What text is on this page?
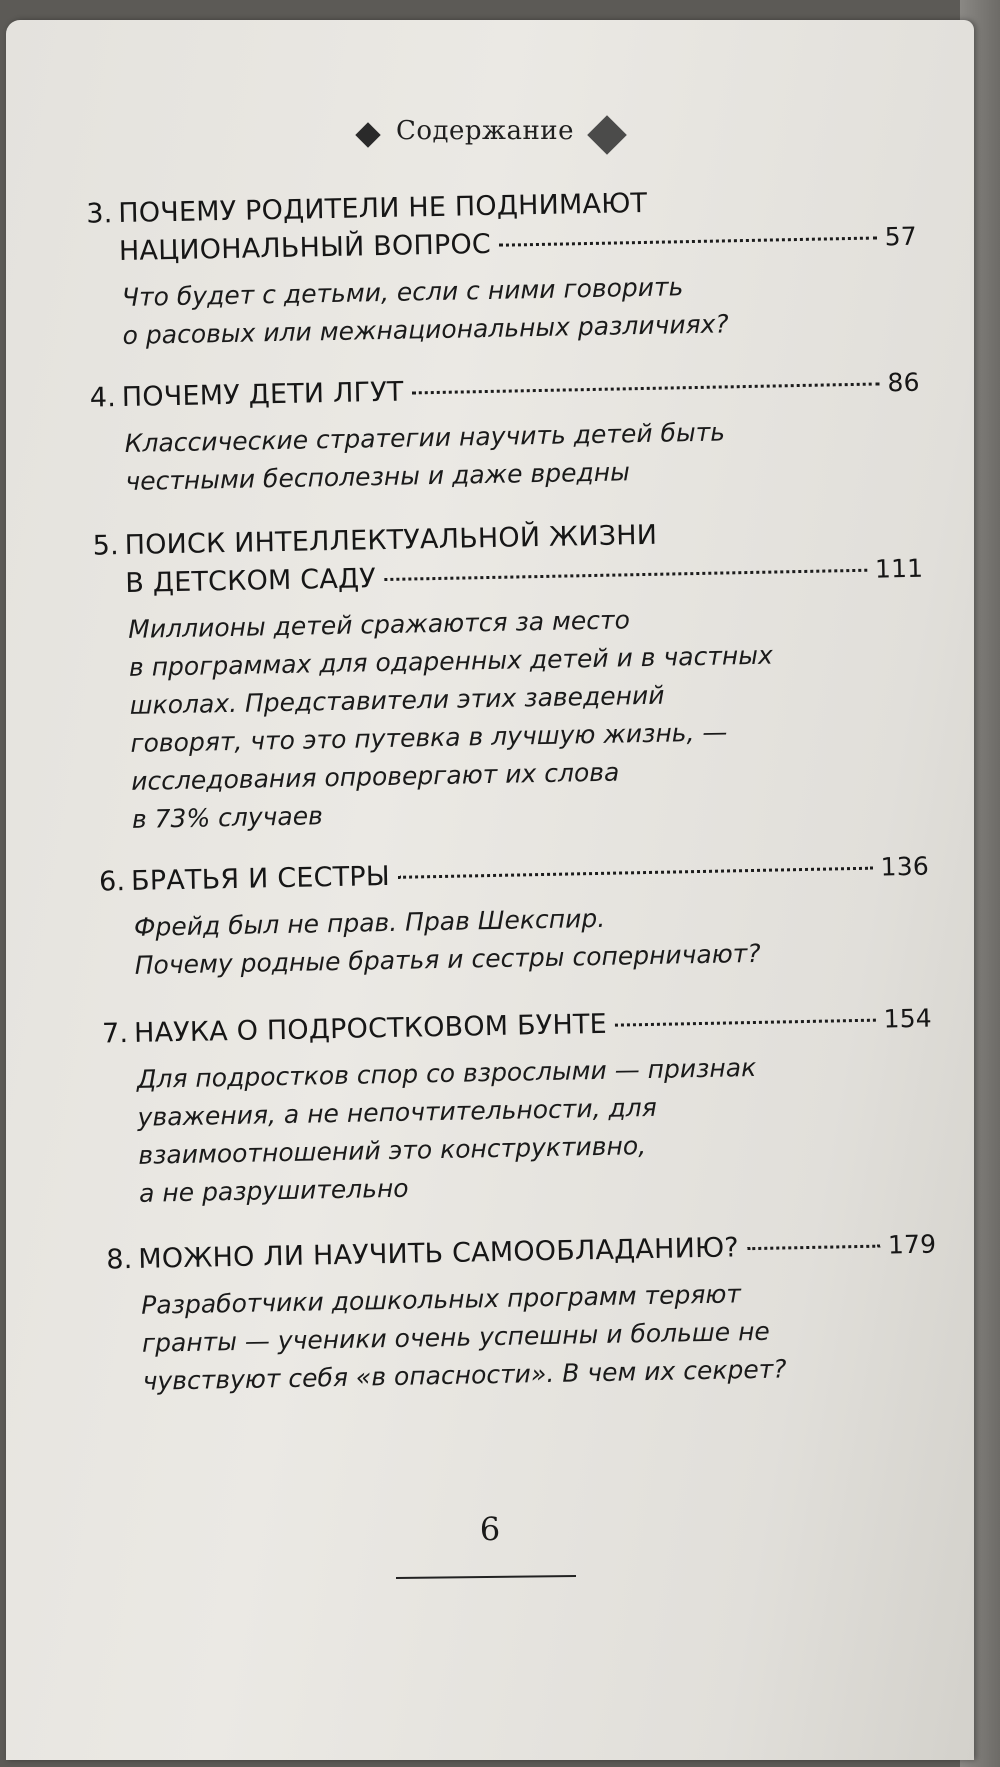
Содержание
3. ПОЧЕМУ РОДИТЕЛИ НЕ ПОДНИМАЮТ
НАЦИОНАЛЬНЫЙ ВОПРОС	57
Что будет с детьми, если с ними говорить
о расовых или межнациональных различиях?
4. ПОЧЕМУ ДЕТИ ЛГУТ	86
Классические стратегии научить детей быть
честными бесполезны и даже вредны
5. ПОИСК ИНТЕЛЛЕКТУАЛЬНОЙ ЖИЗНИ
В ДЕТСКОМ САДУ	111
Миллионы детей сражаются за место
в программах для одаренных детей и в частных
школах. Представители этих заведений
говорят, что это путевка в лучшую жизнь, —
исследования опровергают их слова
в 73% случаев
6. БРАТЬЯ И СЕСТРЫ	136
Фрейд был не прав. Прав Шекспир.
Почему родные братья и сестры соперничают?
7. НАУКА О ПОДРОСТКОВОМ БУНТЕ	154
Для подростков спор со взрослыми — признак
уважения, а не непочтительности, для
взаимоотношений это конструктивно,
а не разрушительно
8. МОЖНО ЛИ НАУЧИТЬ САМООБЛАДАНИЮ?	179
Разработчики дошкольных программ теряют
гранты — ученики очень успешны и больше не
чувствуют себя «в опасности». В чем их секрет?
6
